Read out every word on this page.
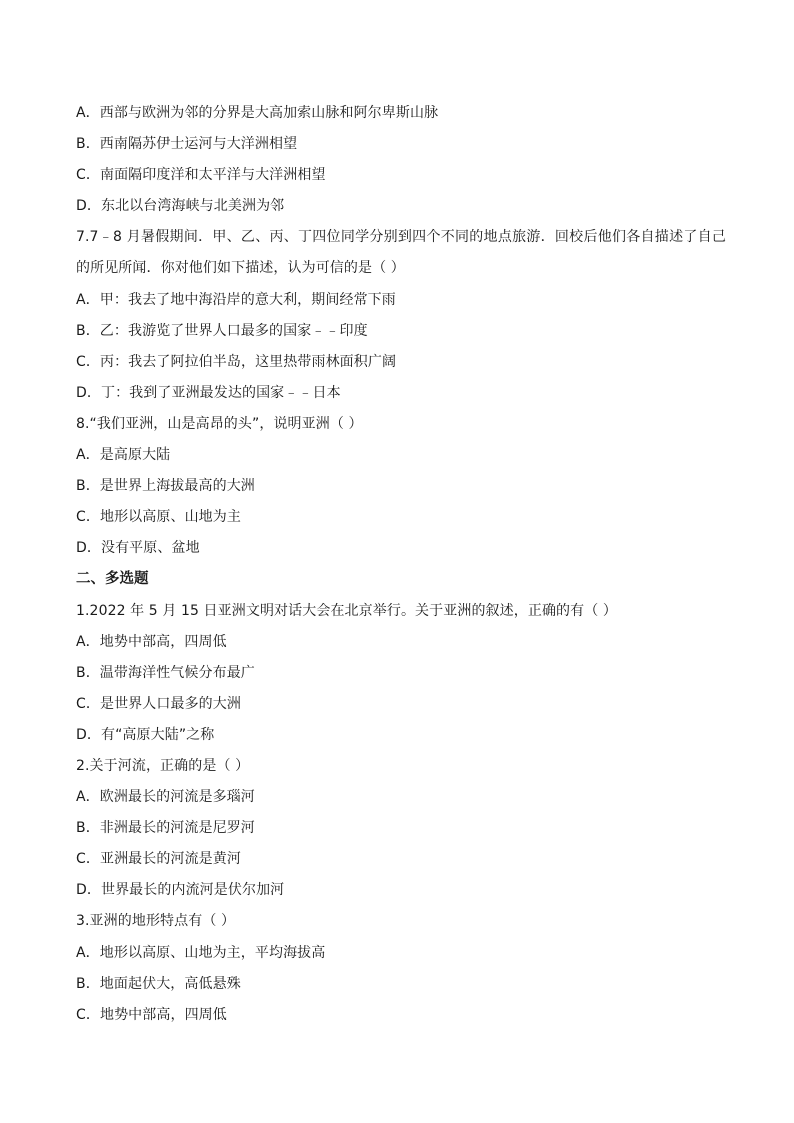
A．西部与欧洲为邻的分界是大高加索山脉和阿尔卑斯山脉
B．西南隔苏伊士运河与大洋洲相望
C．南面隔印度洋和太平洋与大洋洲相望
D．东北以台湾海峡与北美洲为邻
7.7﹣8 月暑假期间．甲、乙、丙、丁四位同学分别到四个不同的地点旅游．回校后他们各自描述了自己的所见所闻．你对他们如下描述，认为可信的是（ ）
A．甲：我去了地中海沿岸的意大利，期间经常下雨
B．乙：我游览了世界人口最多的国家﹣﹣印度
C．丙：我去了阿拉伯半岛，这里热带雨林面积广阔
D．丁：我到了亚洲最发达的国家﹣﹣日本
8.“我们亚洲，山是高昂的头”，说明亚洲（ ）
A．是高原大陆
B．是世界上海拔最高的大洲
C．地形以高原、山地为主
D．没有平原、盆地
二、多选题
1.2022 年 5 月 15 日亚洲文明对话大会在北京举行。关于亚洲的叙述，正确的有（ ）
A．地势中部高，四周低
B．温带海洋性气候分布最广
C．是世界人口最多的大洲
D．有“高原大陆”之称
2.关于河流，正确的是（ ）
A．欧洲最长的河流是多瑙河
B．非洲最长的河流是尼罗河
C．亚洲最长的河流是黄河
D．世界最长的内流河是伏尔加河
3.亚洲的地形特点有（ ）
A．地形以高原、山地为主，平均海拔高
B．地面起伏大，高低悬殊
C．地势中部高，四周低
